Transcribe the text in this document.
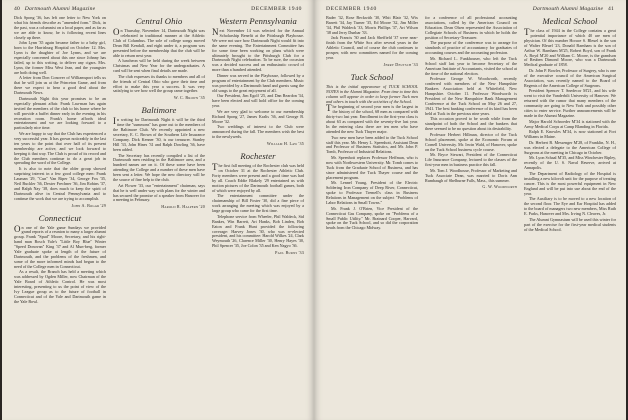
40 Dartmouth Alumni Magazine	DECEMBER 1940

Dick Spong '36, has left one letter to New York on what his friends describe as "amended form." Dick, in the past, was a columnist on a local paper, and as far as we are able to know, he is following recent lines closely up there.

John Lynn '35 again became father to a baby girl, born to the Harrisburg Hospital on October 12. Mrs. Lynn is the daughter of Joe Lynns, and we are especially concerned about this one since Johnny has failed, up to this writing, to deliver any cigars. Mrs. Lynn, the former Miss West Jean, and the youngster are both doing well.

A letter from Don Conover of Williamsport tells us that he will join us at the Princeton Game, and from there we expect to hear a good deal about the Dartmouth News.

Dartmouth Night this year promises to be an especially pleasant affair. Frank Lau-man has again invited the members of the club to his home where he will provide a buffet dinner early in the evening in his recreation room. Frank's home affords ideal entertainment and we are looking forward to a particularly nice time.

We are happy to say that the Club has experienced a very successful year. It has grown noticeably in the last ten years to the point that over half of its present membership are active, and we look forward to keeping it that way. The Club is proud of its record and the Club members continue to do a great job in spreading the word of the College.

It is also to note that the older group showed surprising interest in a few good college men: Frank Lauman '29, "Cun" Van Riper '34, George Fox '35, Neil Buckler '36, Dexter Frechner '36, Jim Robins '37, and Ralph Nay '38, does much to keep the spirit of Dartmouth alive in Central Pennsylvania and to continue the work that we are trying to accomplish.

John A. Bogar '29
Connecticut

On one of the Yale game Sundays we provided grand reports of a reunion to many a larger alumni group. Frank "Spud" Moore, Secretary, and his right-hand man Bosch Yale's "Little Boy Blue" Winter "Speed Donovan" King '37 and Al Mun-berg, former Yale graduate spoke at length of the future of Dartmouth, and the problems of the freshmen, and some of the more informed minds had begun to the need of the College men in Connecticut.

As a result, the Branch has held a meeting which was addressed by Ogden Miller, now Chairman of the Yale Board of Athletic Control. He was most interesting, presenting to us the point of view of the Ivy League group as to the future of football in Connecticut and of the Yale and Dartmouth game in the Yale Bowl.

Central Ohio

On Thursday, November 14, Dartmouth Night was celebrated in traditional manner at the Athletic Club of Columbus. The sole of college songs moved Dean Bill Kendall, and eight under it, a program was presented before the membership that the club will be able to return next year.

A luncheon will be held during the week between Christmas and New Year for the undergraduates. A card will be sent when final details are made.

The club expresses its thanks to members and all of the friends of Central Ohio who gave their time and effort to make this year a success. It was very satisfying to see how well the group came together.

W. C. Brown '35
Baltimore

In writing for Dartmouth Night it will be the third time the "summons" has gone out to the members of the Baltimore Club. We recently appointed a new secretary, E. C. Brown of the Southern Life Insurance Company. Dick Kenner '30, is our treasurer. Stanley Hill '33, John Hines '31 and Ralph Dowling '36, have been added.

The Secretary has recently compiled a list of the Dartmouth men residing in the Baltimore area, and a hundred names are on it. Of these some have been attending the College and a number of these men have been sent a letter. We hope the new directory will be the source of fine help to the club.

Art Flower '33, our "entertainment" chairman, says that he is well under way with plans for the winter and has secured the promise of a speaker from Hanover for a meeting in February.

Harold R. Halpern '20
Western Pennsylvania

Next November 14 was selected for the Annual Scholarship Benefit at the Pittsburgh Playhouse. We were not sure how Dartmouth Night would fit into the same evening. The Entertainment Committee has for some time been working on plans which were ultimately brought to the Pittsburgh Club for a Dartmouth Night celebration. To be sure, the occasion was a decided success and an enthusiastic crowd of more than a hundred attended.

Dinner was served in the Playhouse, followed by a program of entertainment by the Club members. Music was provided by a Dartmouth band and guests sang the old songs to the great enjoyment of all.

Our President, Jim Egolf '25, and Dan Reardon '34, have been elected and will hold office for the coming year.

We are very glad to welcome to our membership Richard Spong '27, James Kralis '36, and George B. Moore '32.

Two weddings of interest to the Club were announced during the fall. The members wish the best to the newlyweds.

William H. Law '35
Rochester

The first fall meeting of the Rochester club was held on October 31 at the Rochester Athletic Club. Forty members were present and a good time was had by all. Coach Eddie Blakely '29 entertained us with motion pictures of the Dartmouth football games, both of which were enjoyed by all.

The entertainment committee under the chairmanship of Bill Foster '30, did a fine piece of work arranging the meeting which was enjoyed by a large group who came for the first time.

Telephone service from Wheeler, Phil Waldeck, Sid Bankes, Win Barrett, Art Hanks, Bob Linden, Bob Eaton and Frank Hunt provided the following coverage: Harvey Jones '30, who was re-elected president, and his committee: Harold Wilkes '24, Clark Weymouth '26, Clarence Miller '30, Henry Hayes '30, Phil Spencer '35, Joe Colon '35 and Ken Nagyo '36.

Paul Burns '33
DECEMBER 1940	Dartmouth Alumni Magazine 41

Bader '32, Rose Beckwith '30, Whit Blair '32, Wix Barrett '34, Jay Turner '35, Ed Moore '32, Jim Miller '34, Phil Waldeck '33, Morris Phillips '37, Art Wilson '38 and Jerry Dunbar '33.

Jack Francis '30 and Jack Sheffield '37 were near-finish from the White Sox after several years in the Athletic Council, and of course the club continues to prosper, with new committees named for the coming year.

Jerry Deutsch '33
Tuck School

This is the initial appearance of TUCK SCHOOL NOTES in the Alumni Magazine. From time to time this column will appear in order to keep former Tuck men and others in touch with the activities of the School.

The beginning of second year men is the largest in the history of the school, 68 men as compared with thirty-two last year. Enrollment in the first-year class is about 63 as compared with the seventy-five last year. In the entering class there are ten men who have attended the new Tuck Thayer major.

Two new men have been added to the Tuck School staff this year. Mr. Henry L. Speenhott, Assistant Dean and Professor of Business Statistics, and Mr. John P. Tomb, Professor of Industrial Relations.

Mr. Speenhott replaces Professor Heffman, who is now with Northwestern University. Mr. Tomb comes to Tuck from the Graduate School of Business, and has since administered the Tuck Thayer course and the placement program.

Mr. Lennel Young, President of the Electric Soldering Iron Company of Deep River, Connecticut, spoke to Professor Tremell's class in Business Relations in Management on the subject "Problems of Labor Relations in Small Towns."

Mr. Frank J. O'Brien, Vice President of the Connecticut Gas Company, spoke on "Problems of a Small Public Utility." Mr. Brainard Cooper, Harvard, spoke on the Tuck School, and so did the corporation heads from the Chicago Midway.

for a conference of all professional accounting associations, called by the American Council on Education. Dean Olsen represented the Association of Collegiate Schools of Business in which he holds the position of Secretary-Treasurer.

The purpose of the conference was to arrange for standards of practice of accountancy for graduates of accounting courses and the accounting profession.

Mr. Richard L. Funkhouser, who left the Tuck School staff last year to become Secretary of the American Institute of Accountants, visited the school at the time of the national election.

Professor George W. Woodworth, recently conferred with members of the New Hampshire Bankers Association held at Whitefield, New Hampshire. October 11. Professor Woodworth is President of the New Hampshire Bank Management Conference at the Tuck School on May 26 and 27, 1941. The best banking conference of its kind has been held at Tuck in the previous nine years.

This occasion proved to be worth while from the standpoint of both the School and the bankers that there seemed to be no question about its desirability.

Professor Herbert Hillman, director of the Tuck School placement, spoke at the Economic Forum at Cornell University. Mr. Irwin Wald, of Hanover, spoke on the Tuck School business cycle course.

Mr. Bryce Stewart, President of the Connecticut Life Insurance Company, lectured to the classes of the first-year men in business practice this fall.

Mr. Tom J. Woodhouse, Professor of Marketing and Tuck Associate Dean, was married to Doris Ann Rumbaugh of Shelburne Falls, Mass., this summer.

G. W. Woodworth
Medical School

The class of 1944 in the College contains a great potential importance of which 40 are men of physician. Of this number Horace S. Bleuel is the son of Walter Bleuel '23, Donald Barnham is the son of Arthur W. Barnham M'25, Robert Boyd, son of Frank A. Boyd M'20 and William C. Moore, is the grandson of Reuben Dimond Moore, who was a Dartmouth Medical graduate of 1858.

Dr. John P. Bowler, Professor of Surgery, who is one of the executive council of the American Surgical Association, was recently named to the Board of Regents of the American College of Surgeons.

President Spencer T. Snedecor M'21, and his wife went to visit the Vanderbilt University of Hanover. We returned with the rumor that many members of the community are going to New York and possibly other cities to enter service. Further announcements will be made in the Alumni Magazine.

Major Harold Schroeder M'34 is stationed with the Army Medical Corps at Camp Blanding in Florida.

Ralph E. Knowles M'34, is now stationed at Fort Williams in Maine.

Dr. Herbert B. Messenger M'28, of Franklin, N. H., was elected a delegate to the American College of Surgeons at the meeting in Chicago in October.

Mr. Lyon Schaal M'35, and Miss Winchester Ripley, recently of the U. S. Naval Reserve, arrived at Annapolis.

The Department of Radiology of the Hospital is installing a new kilovolt unit for the purpose of treating cancer. This is the most powerful equipment in New England and will be put into use about the end of the year.

The Auxiliary is to be moved to a new location of the second floor. The Eye and Ear Hospital has added to the board of managers two new members, Miss Ruth E. Parks, Hanover and Mrs. Irving N. Cleaves, Jr.

The Alumni Gymnasium will be used this winter for part of the exercise for the first-year medical students of the Medical School.
